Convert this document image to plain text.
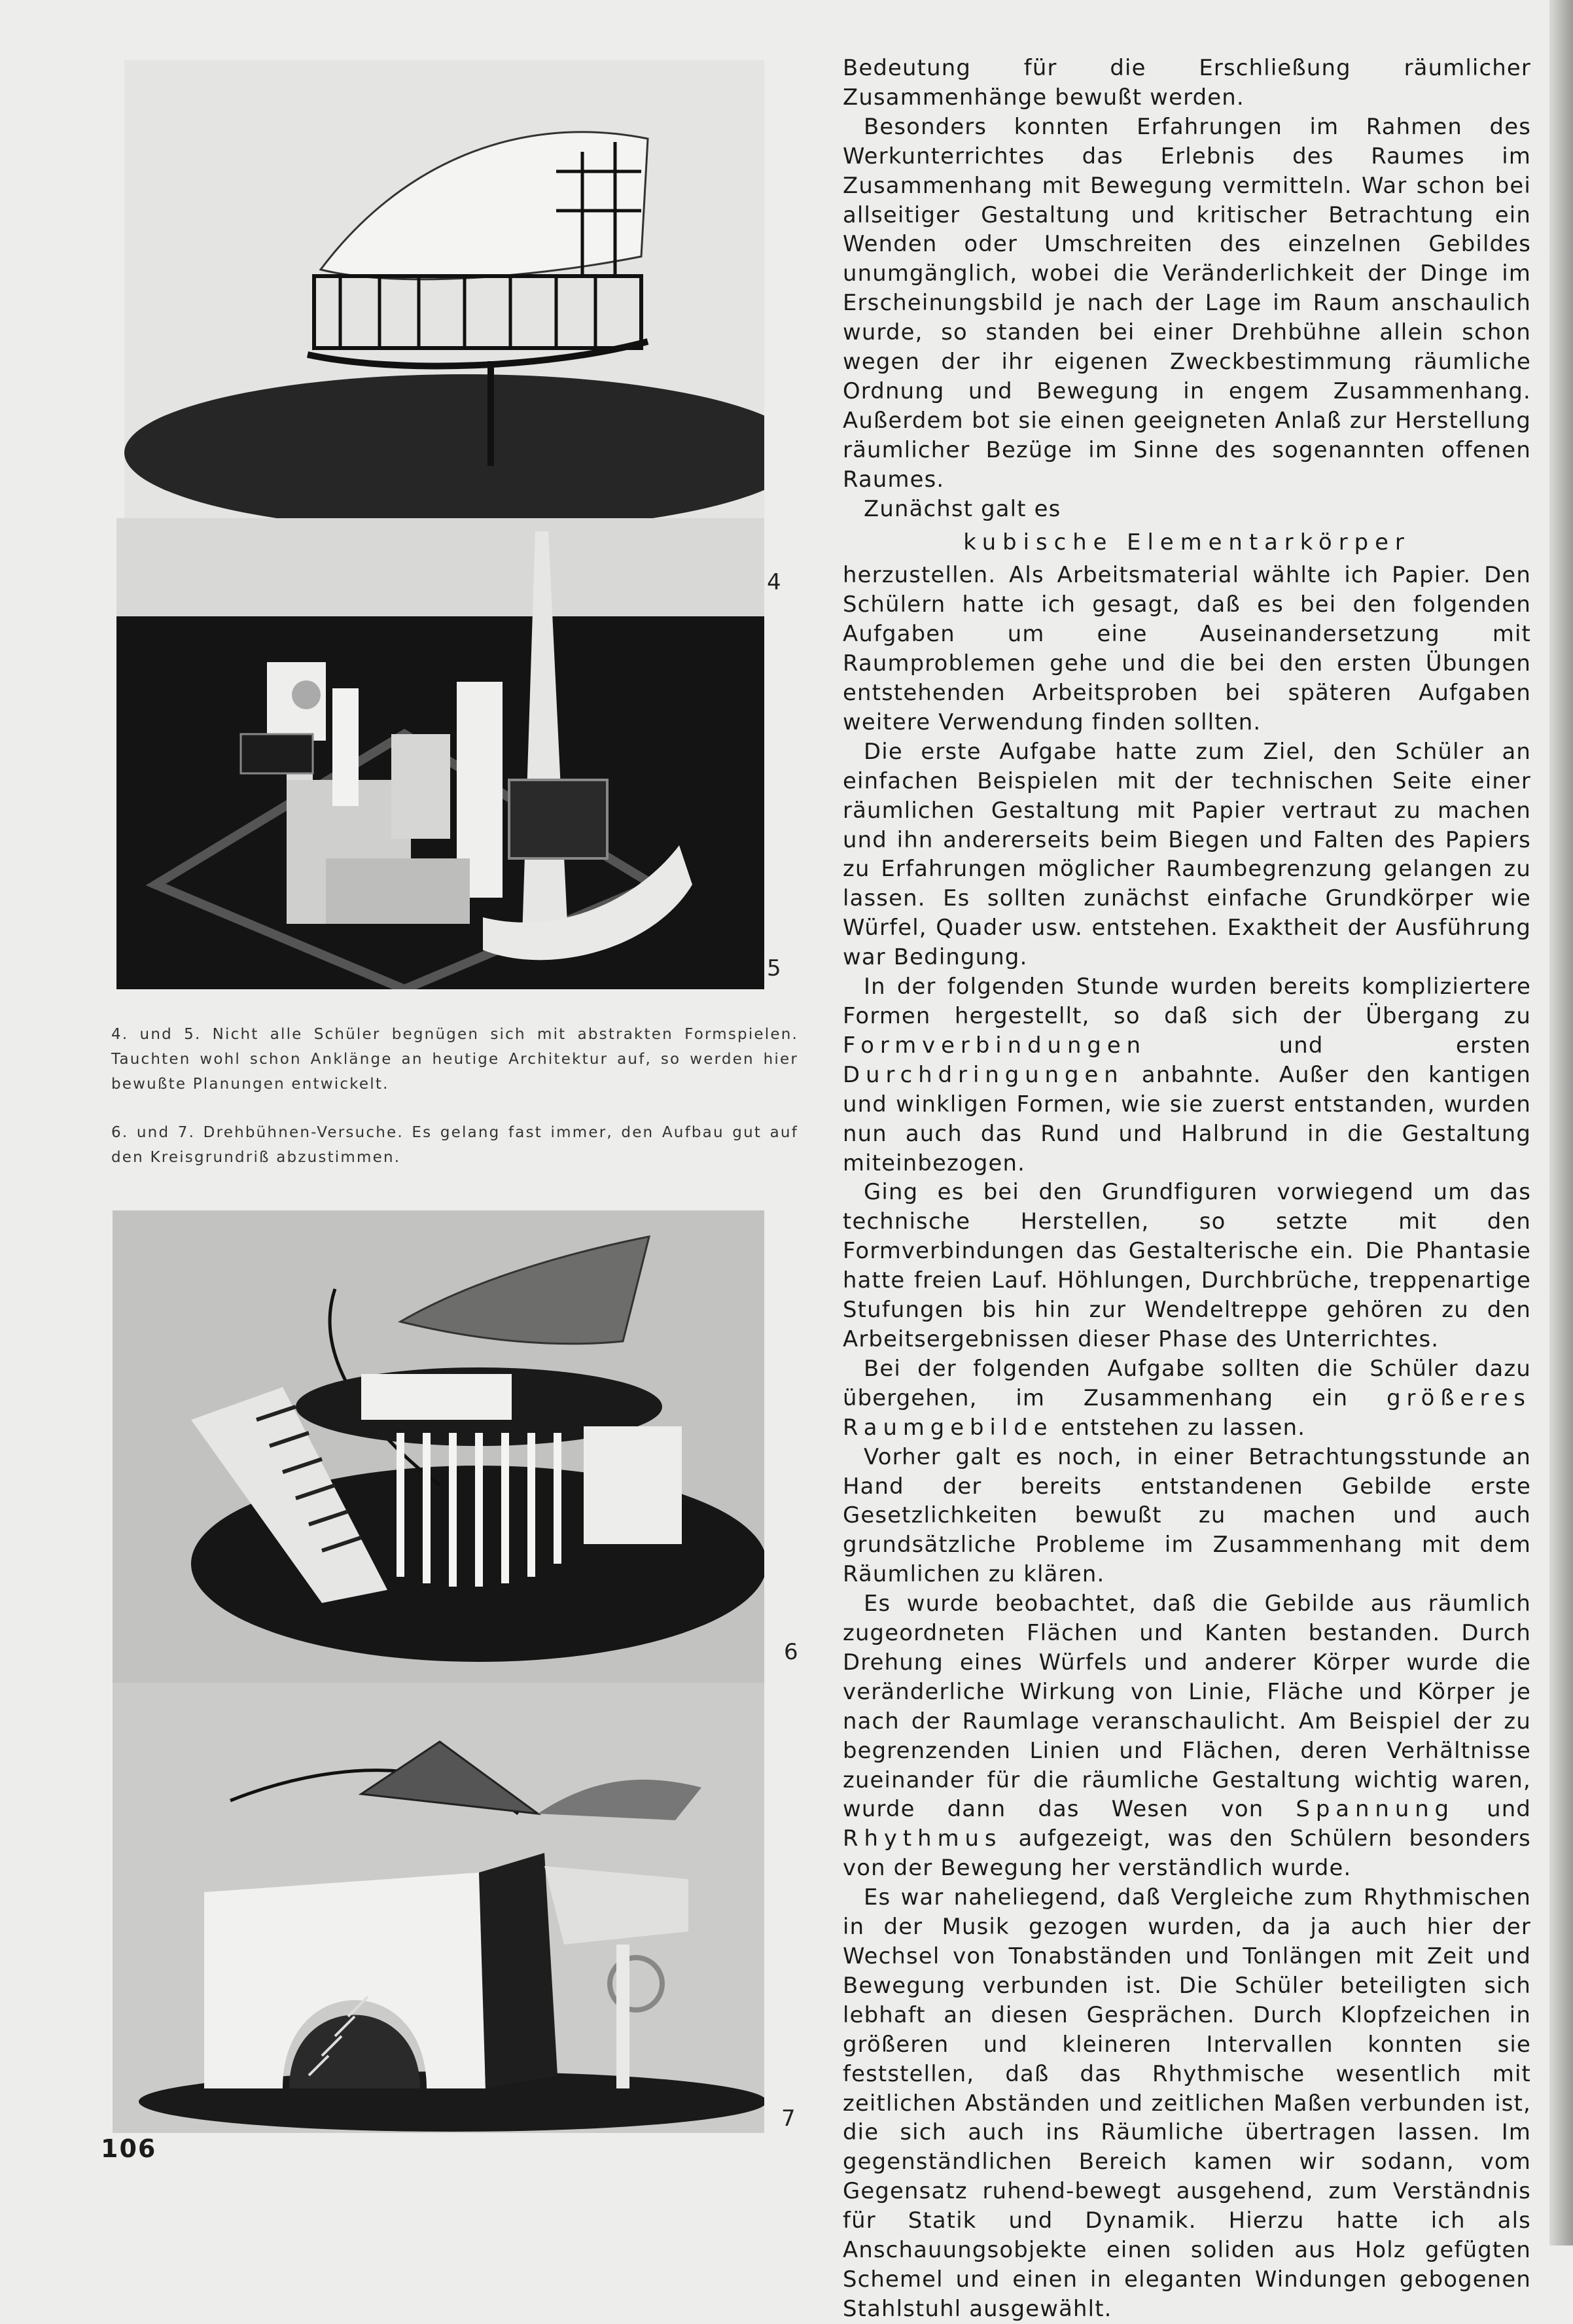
4
5

4. und 5. Nicht alle Schüler begnügen sich mit abstrakten Formspielen. Tauchten wohl schon Anklänge an heutige Architektur auf, so werden hier bewußte Planungen entwickelt.

6. und 7. Drehbühnen-Versuche. Es gelang fast immer, den Aufbau gut auf den Kreisgrundriß abzustimmen.

6
7

Bedeutung für die Erschließung räumlicher Zusammenhänge bewußt werden.

Besonders konnten Erfahrungen im Rahmen des Werkunterrichtes das Erlebnis des Raumes im Zusammenhang mit Bewegung vermitteln. War schon bei allseitiger Gestaltung und kritischer Betrachtung ein Wenden oder Umschreiten des einzelnen Gebildes unumgänglich, wobei die Veränderlichkeit der Dinge im Erscheinungsbild je nach der Lage im Raum anschaulich wurde, so standen bei einer Drehbühne allein schon wegen der ihr eigenen Zweckbestimmung räumliche Ordnung und Bewegung in engem Zusammenhang. Außerdem bot sie einen geeigneten Anlaß zur Herstellung räumlicher Bezüge im Sinne des sogenannten offenen Raumes.

Zunächst galt es

kubische Elementarkörper

herzustellen. Als Arbeitsmaterial wählte ich Papier. Den Schülern hatte ich gesagt, daß es bei den folgenden Aufgaben um eine Auseinandersetzung mit Raumproblemen gehe und die bei den ersten Übungen entstehenden Arbeitsproben bei späteren Aufgaben weitere Verwendung finden sollten.

Die erste Aufgabe hatte zum Ziel, den Schüler an einfachen Beispielen mit der technischen Seite einer räumlichen Gestaltung mit Papier vertraut zu machen und ihn andererseits beim Biegen und Falten des Papiers zu Erfahrungen möglicher Raumbegrenzung gelangen zu lassen. Es sollten zunächst einfache Grundkörper wie Würfel, Quader usw. entstehen. Exaktheit der Ausführung war Bedingung.

In der folgenden Stunde wurden bereits kompliziertere Formen hergestellt, so daß sich der Übergang zu Formverbindungen und ersten Durchdringungen anbahnte. Außer den kantigen und winkligen Formen, wie sie zuerst entstanden, wurden nun auch das Rund und Halbrund in die Gestaltung miteinbezogen.

Ging es bei den Grundfiguren vorwiegend um das technische Herstellen, so setzte mit den Formverbindungen das Gestalterische ein. Die Phantasie hatte freien Lauf. Höhlungen, Durchbrüche, treppenartige Stufungen bis hin zur Wendeltreppe gehören zu den Arbeitsergebnissen dieser Phase des Unterrichtes.

Bei der folgenden Aufgabe sollten die Schüler dazu übergehen, im Zusammenhang ein größeres Raumgebilde entstehen zu lassen.

Vorher galt es noch, in einer Betrachtungsstunde an Hand der bereits entstandenen Gebilde erste Gesetzlichkeiten bewußt zu machen und auch grundsätzliche Probleme im Zusammenhang mit dem Räumlichen zu klären.

Es wurde beobachtet, daß die Gebilde aus räumlich zugeordneten Flächen und Kanten bestanden. Durch Drehung eines Würfels und anderer Körper wurde die veränderliche Wirkung von Linie, Fläche und Körper je nach der Raumlage veranschaulicht. Am Beispiel der zu begrenzenden Linien und Flächen, deren Verhältnisse zueinander für die räumliche Gestaltung wichtig waren, wurde dann das Wesen von Spannung und Rhythmus aufgezeigt, was den Schülern besonders von der Bewegung her verständlich wurde.

Es war naheliegend, daß Vergleiche zum Rhythmischen in der Musik gezogen wurden, da ja auch hier der Wechsel von Tonabständen und Tonlängen mit Zeit und Bewegung verbunden ist. Die Schüler beteiligten sich lebhaft an diesen Gesprächen. Durch Klopfzeichen in größeren und kleineren Intervallen konnten sie feststellen, daß das Rhythmische wesentlich mit zeitlichen Abständen und zeitlichen Maßen verbunden ist, die sich auch ins Räumliche übertragen lassen. Im gegenständlichen Bereich kamen wir sodann, vom Gegensatz ruhend-bewegt ausgehend, zum Verständnis für Statik und Dynamik. Hierzu hatte ich als Anschauungsobjekte einen soliden aus Holz gefügten Schemel und einen in eleganten Windungen gebogenen Stahlstuhl ausgewählt.

106
